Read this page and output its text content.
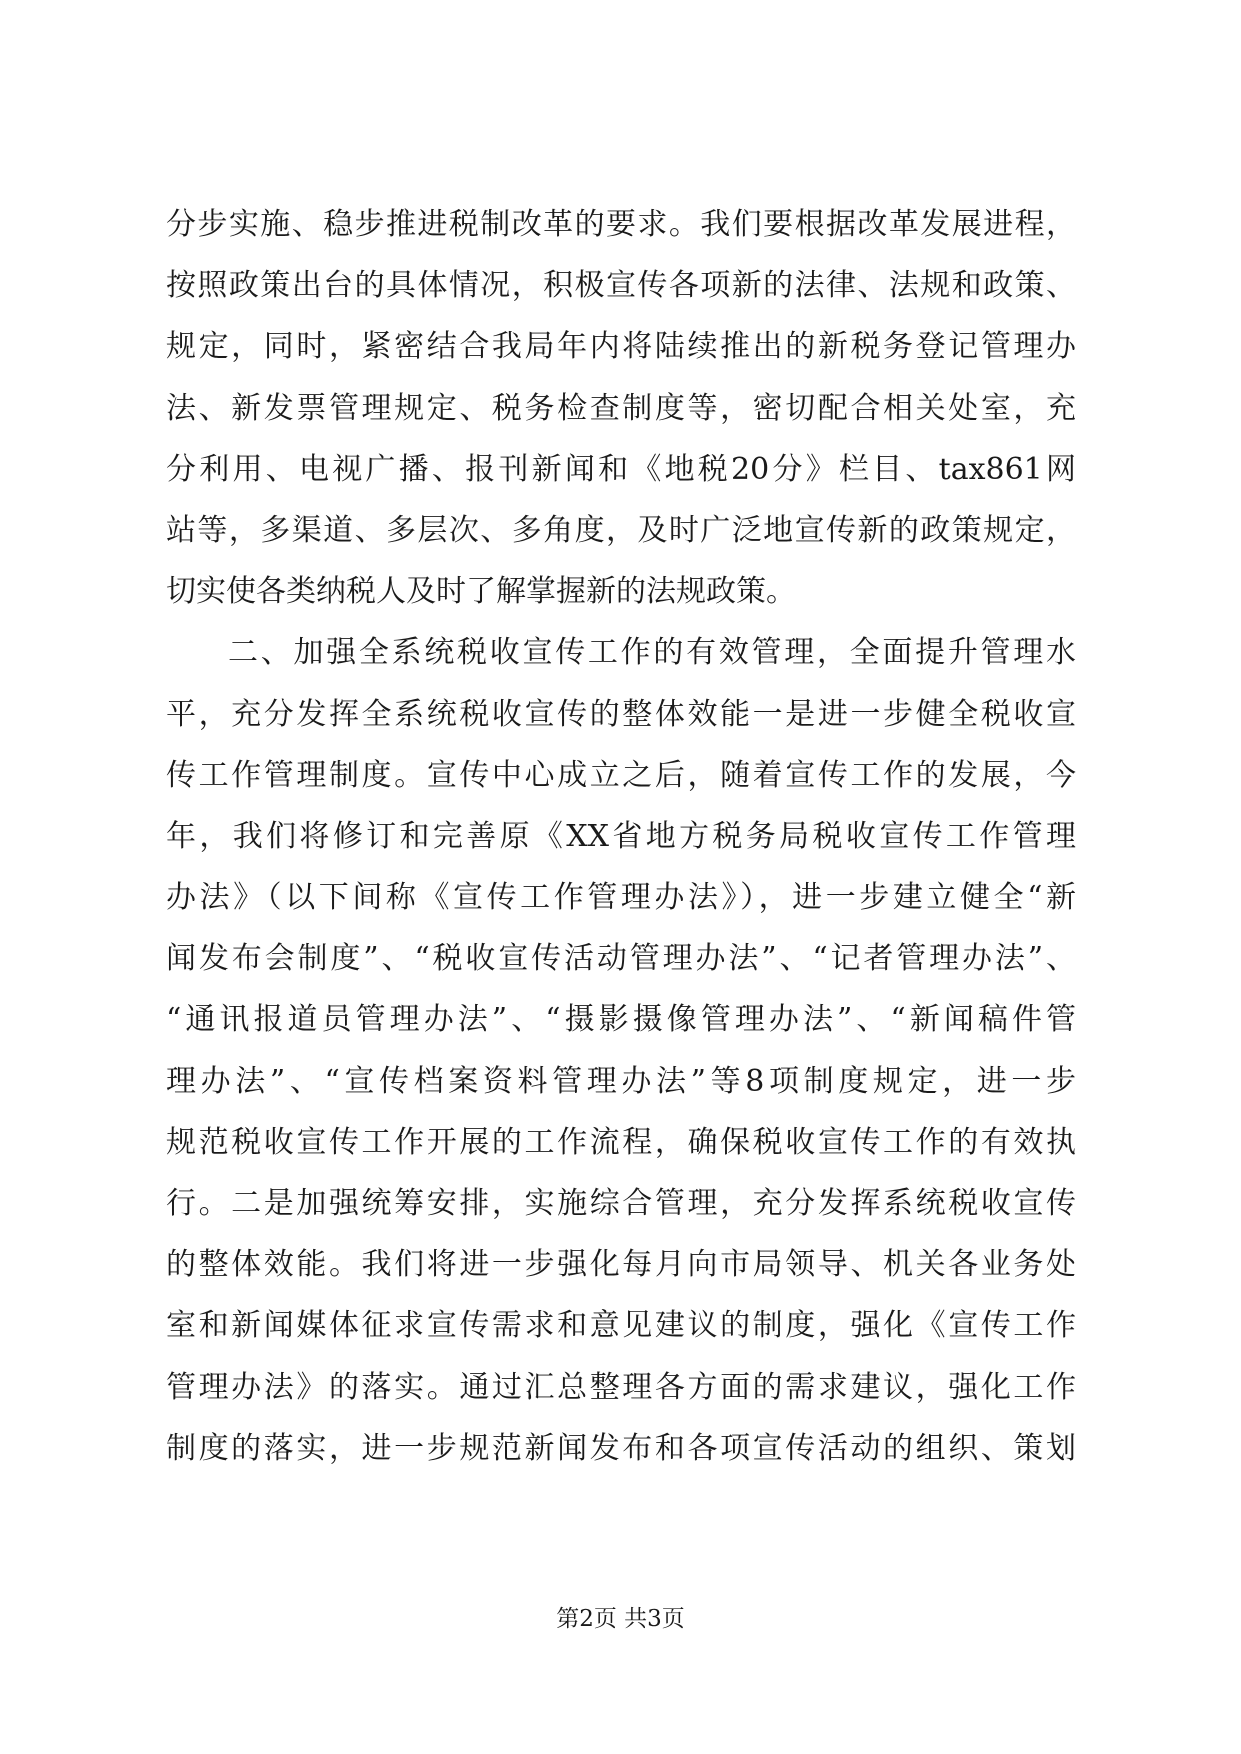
分步实施、稳步推进税制改革的要求。我们要根据改革发展进程，
按照政策出台的具体情况，积极宣传各项新的法律、法规和政策、
规定，同时，紧密结合我局年内将陆续推出的新税务登记管理办
法、新发票管理规定、税务检查制度等，密切配合相关处室，充
分利用、电视广播、报刊新闻和《地税20分》栏目、tax861网
站等，多渠道、多层次、多角度，及时广泛地宣传新的政策规定，
切实使各类纳税人及时了解掌握新的法规政策。
二、加强全系统税收宣传工作的有效管理，全面提升管理水
平，充分发挥全系统税收宣传的整体效能一是进一步健全税收宣
传工作管理制度。宣传中心成立之后，随着宣传工作的发展，今
年，我们将修订和完善原《XX省地方税务局税收宣传工作管理
办法》（以下间称《宣传工作管理办法》），进一步建立健全“新
闻发布会制度”、“税收宣传活动管理办法”、“记者管理办法”、
“通讯报道员管理办法”、“摄影摄像管理办法”、“新闻稿件管
理办法”、“宣传档案资料管理办法”等8项制度规定，进一步
规范税收宣传工作开展的工作流程，确保税收宣传工作的有效执
行。二是加强统筹安排，实施综合管理，充分发挥系统税收宣传
的整体效能。我们将进一步强化每月向市局领导、机关各业务处
室和新闻媒体征求宣传需求和意见建议的制度，强化《宣传工作
管理办法》的落实。通过汇总整理各方面的需求建议，强化工作
制度的落实，进一步规范新闻发布和各项宣传活动的组织、策划
第2页 共3页
